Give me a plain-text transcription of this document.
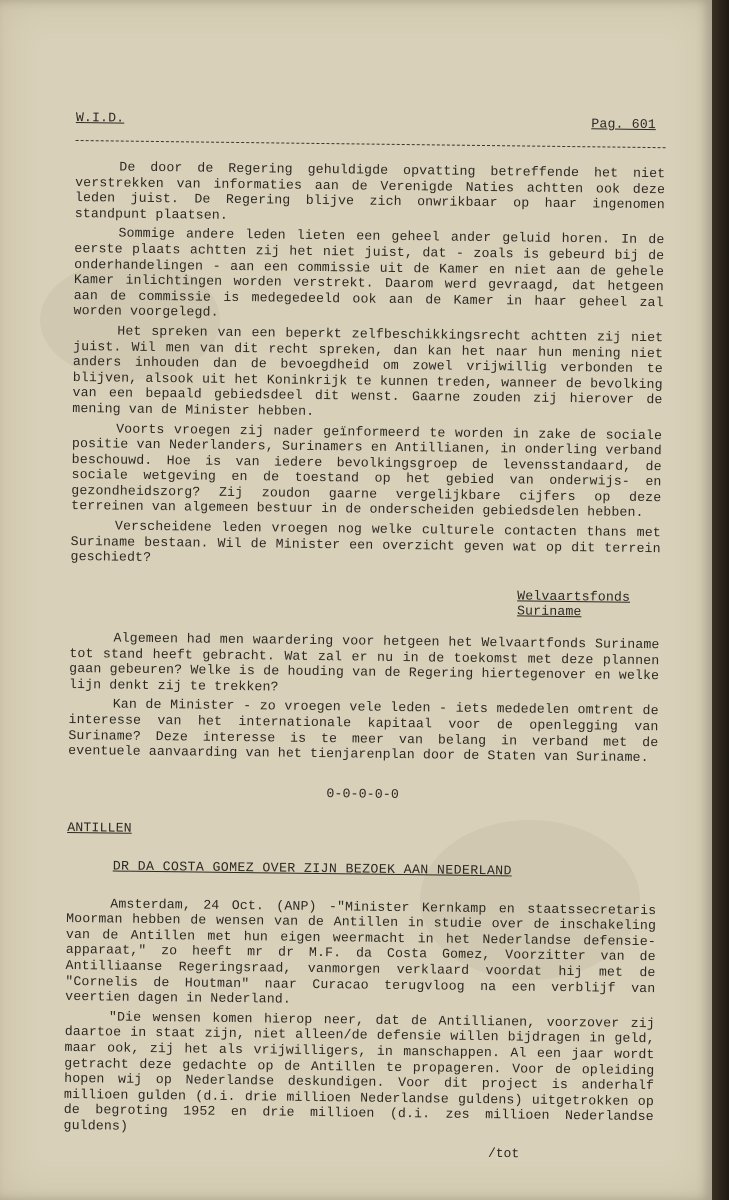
W.I.D.	Pag. 601

De door de Regering gehuldigde opvatting betreffende het niet verstrekken van informaties aan de Verenigde Naties achtten ook deze leden juist. De Regering blijve zich onwrikbaar op haar ingenomen standpunt plaatsen.

Sommige andere leden lieten een geheel ander geluid horen. In de eerste plaats achtten zij het niet juist, dat - zoals is gebeurd bij de onderhandelingen - aan een commissie uit de Kamer en niet aan de gehele Kamer inlichtingen worden verstrekt. Daarom werd gevraagd, dat hetgeen aan de commissie is medegedeeld ook aan de Kamer in haar geheel zal worden voorgelegd.

Het spreken van een beperkt zelfbeschikkingsrecht achtten zij niet juist. Wil men van dit recht spreken, dan kan het naar hun mening niet anders inhouden dan de bevoegdheid om zowel vrijwillig verbonden te blijven, alsook uit het Koninkrijk te kunnen treden, wanneer de bevolking van een bepaald gebiedsdeel dit wenst. Gaarne zouden zij hierover de mening van de Minister hebben.

Voorts vroegen zij nader geïnformeerd te worden in zake de sociale positie van Nederlanders, Surinamers en Antillianen, in onderling verband beschouwd. Hoe is van iedere bevolkingsgroep de levensstandaard, de sociale wetgeving en de toestand op het gebied van onderwijs- en gezondheidszorg? Zij zoudon gaarne vergelijkbare cijfers op deze terreinen van algemeen bestuur in de onderscheiden gebiedsdelen hebben.

Verscheidene leden vroegen nog welke culturele contacten thans met Suriname bestaan. Wil de Minister een overzicht geven wat op dit terrein geschiedt?

Welvaartsfonds
Suriname

Algemeen had men waardering voor hetgeen het Welvaartfonds Suriname tot stand heeft gebracht. Wat zal er nu in de toekomst met deze plannen gaan gebeuren? Welke is de houding van de Regering hiertegenover en welke lijn denkt zij te trekken?

Kan de Minister - zo vroegen vele leden - iets mededelen omtrent de interesse van het internationale kapitaal voor de openlegging van Suriname? Deze interesse is te meer van belang in verband met de eventuele aanvaarding van het tienjarenplan door de Staten van Suriname.

0-0-0-0-0
ANTILLEN
DR DA COSTA GOMEZ OVER ZIJN BEZOEK AAN NEDERLAND

Amsterdam, 24 Oct. (ANP) -"Minister Kernkamp en staatssecretaris Moorman hebben de wensen van de Antillen in studie over de inschakeling van de Antillen met hun eigen weermacht in het Nederlandse defensie-apparaat," zo heeft mr dr M.F. da Costa Gomez, Voorzitter van de Antilliaanse Regeringsraad, vanmorgen verklaard voordat hij met de "Cornelis de Houtman" naar Curacao terugvloog na een verblijf van veertien dagen in Nederland.

"Die wensen komen hierop neer, dat de Antillianen, voorzover zij daartoe in staat zijn, niet alleen/de defensie willen bijdragen in geld, maar ook, zij het als vrijwilligers, in manschappen. Al een jaar wordt getracht deze gedachte op de Antillen te propageren. Voor de opleiding hopen wij op Nederlandse deskundigen. Voor dit project is anderhalf millioen gulden (d.i. drie millioen Nederlandse guldens) uitgetrokken op de begroting 1952 en drie millioen (d.i. zes millioen Nederlandse guldens)

/tot
